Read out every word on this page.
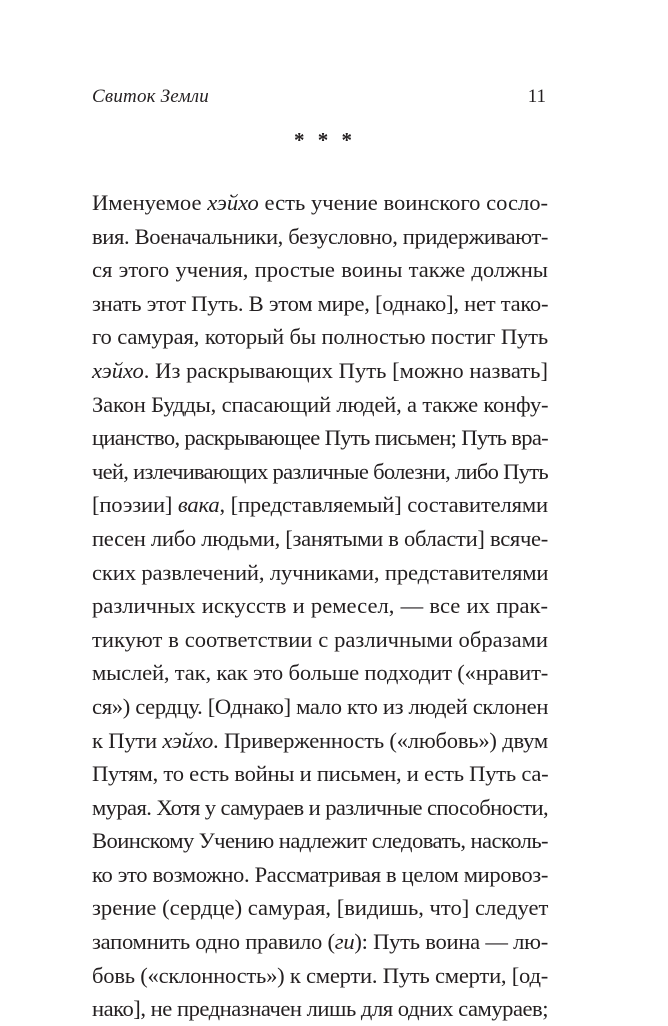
Свиток Земли	11
* * *
Именуемое хэйхо есть учение воинского сосло-
вия. Военачальники, безусловно, придерживают-
ся этого учения, простые воины также должны
знать этот Путь. В этом мире, [однако], нет тако-
го самурая, который бы полностью постиг Путь
хэйхо. Из раскрывающих Путь [можно назвать]
Закон Будды, спасающий людей, а также конфу-
цианство, раскрывающее Путь письмен; Путь вра-
чей, излечивающих различные болезни, либо Путь
[поэзии] вака, [представляемый] составителями
песен либо людьми, [занятыми в области] всяче-
ских развлечений, лучниками, представителями
различных искусств и ремесел, — все их прак-
тикуют в соответствии с различными образами
мыслей, так, как это больше подходит («нравит-
ся») сердцу. [Однако] мало кто из людей склонен
к Пути хэйхо. Приверженность («любовь») двум
Путям, то есть войны и письмен, и есть Путь са-
мурая. Хотя у самураев и различные способности,
Воинскому Учению надлежит следовать, насколь-
ко это возможно. Рассматривая в целом мировоз-
зрение (сердце) самурая, [видишь, что] следует
запомнить одно правило (ги): Путь воина — лю-
бовь («склонность») к смерти. Путь смерти, [од-
нако], не предназначен лишь для одних самураев;
